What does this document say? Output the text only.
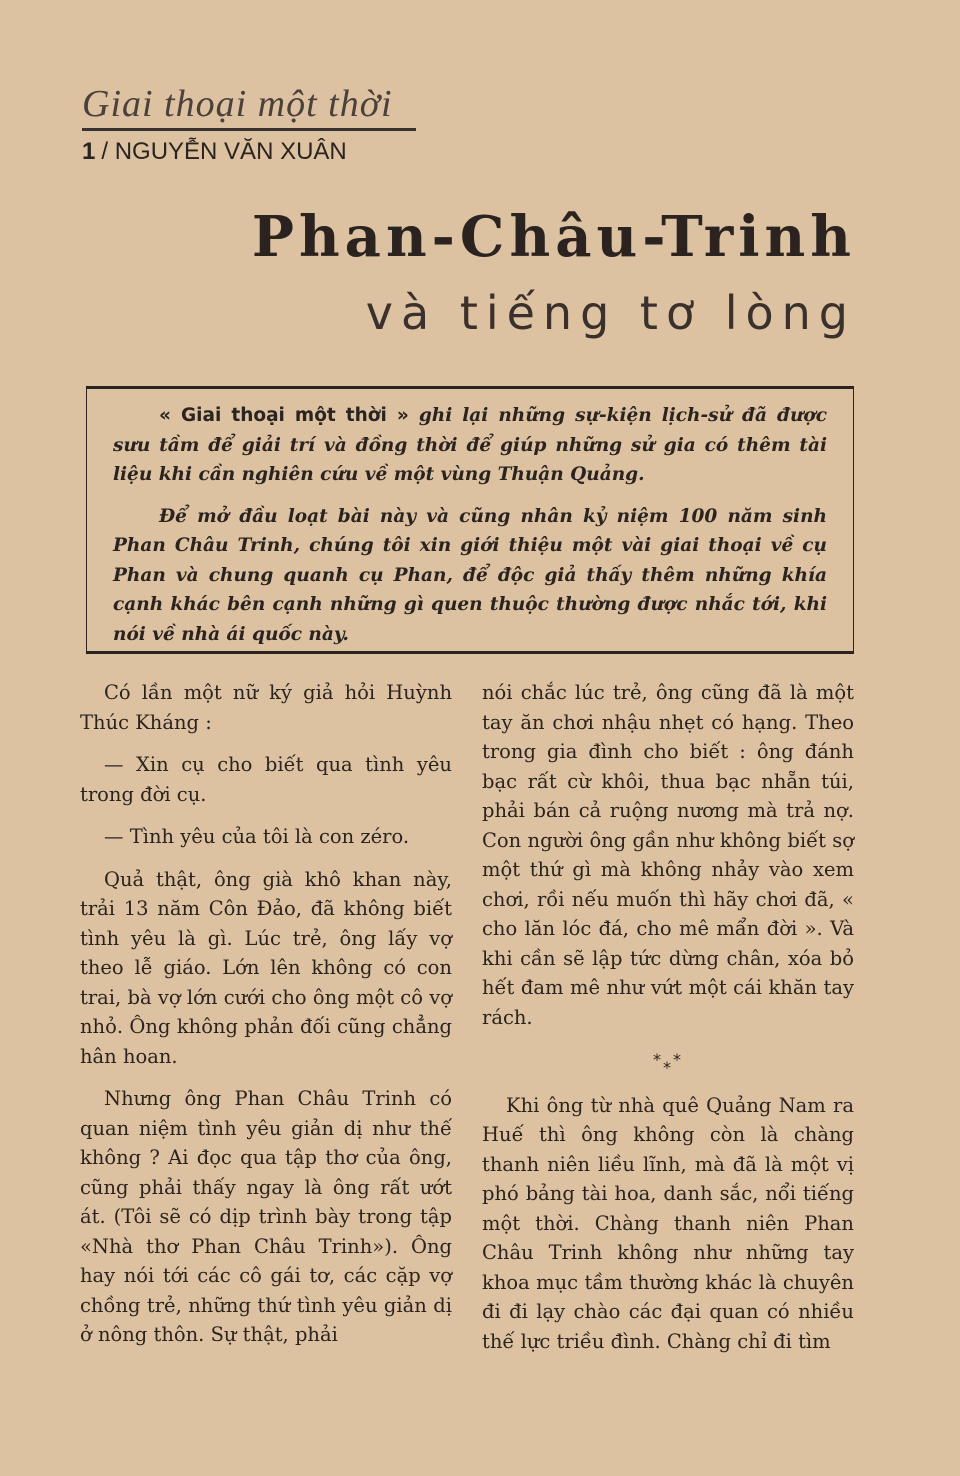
Giai thoại một thời
1 / NGUYỄN VĂN XUÂN
Phan-Châu-Trinh
và tiếng tơ lòng

« Giai thoại một thời » ghi lại những sự-kiện lịch-sử đã được sưu tầm để giải trí và đồng thời để giúp những sử gia có thêm tài liệu khi cần nghiên cứu về một vùng Thuận Quảng.

Để mở đầu loạt bài này và cũng nhân kỷ niệm 100 năm sinh Phan Châu Trinh, chúng tôi xin giới thiệu một vài giai thoại về cụ Phan và chung quanh cụ Phan, để độc giả thấy thêm những khía cạnh khác bên cạnh những gì quen thuộc thường được nhắc tới, khi nói về nhà ái quốc này.

Có lần một nữ ký giả hỏi Huỳnh Thúc Kháng :

— Xin cụ cho biết qua tình yêu trong đời cụ.

— Tình yêu của tôi là con zéro.

Quả thật, ông già khô khan này, trải 13 năm Côn Đảo, đã không biết tình yêu là gì. Lúc trẻ, ông lấy vợ theo lễ giáo. Lớn lên không có con trai, bà vợ lớn cưới cho ông một cô vợ nhỏ. Ông không phản đối cũng chẳng hân hoan.

Nhưng ông Phan Châu Trinh có quan niệm tình yêu giản dị như thế không ? Ai đọc qua tập thơ của ông, cũng phải thấy ngay là ông rất ướt át. (Tôi sẽ có dịp trình bày trong tập «Nhà thơ Phan Châu Trinh»). Ông hay nói tới các cô gái tơ, các cặp vợ chồng trẻ, những thứ tình yêu giản dị ở nông thôn. Sự thật, phải

nói chắc lúc trẻ, ông cũng đã là một tay ăn chơi nhậu nhẹt có hạng. Theo trong gia đình cho biết : ông đánh bạc rất cừ khôi, thua bạc nhẵn túi, phải bán cả ruộng nương mà trả nợ. Con người ông gần như không biết sợ một thứ gì mà không nhảy vào xem chơi, rồi nếu muốn thì hãy chơi đã, « cho lăn lóc đá, cho mê mẩn đời ». Và khi cần sẽ lập tức dừng chân, xóa bỏ hết đam mê như vứt một cái khăn tay rách.

***

Khi ông từ nhà quê Quảng Nam ra Huế thì ông không còn là chàng thanh niên liều lĩnh, mà đã là một vị phó bảng tài hoa, danh sắc, nổi tiếng một thời. Chàng thanh niên Phan Châu Trinh không như những tay khoa mục tầm thường khác là chuyên đi đi lạy chào các đại quan có nhiều thế lực triều đình. Chàng chỉ đi tìm
